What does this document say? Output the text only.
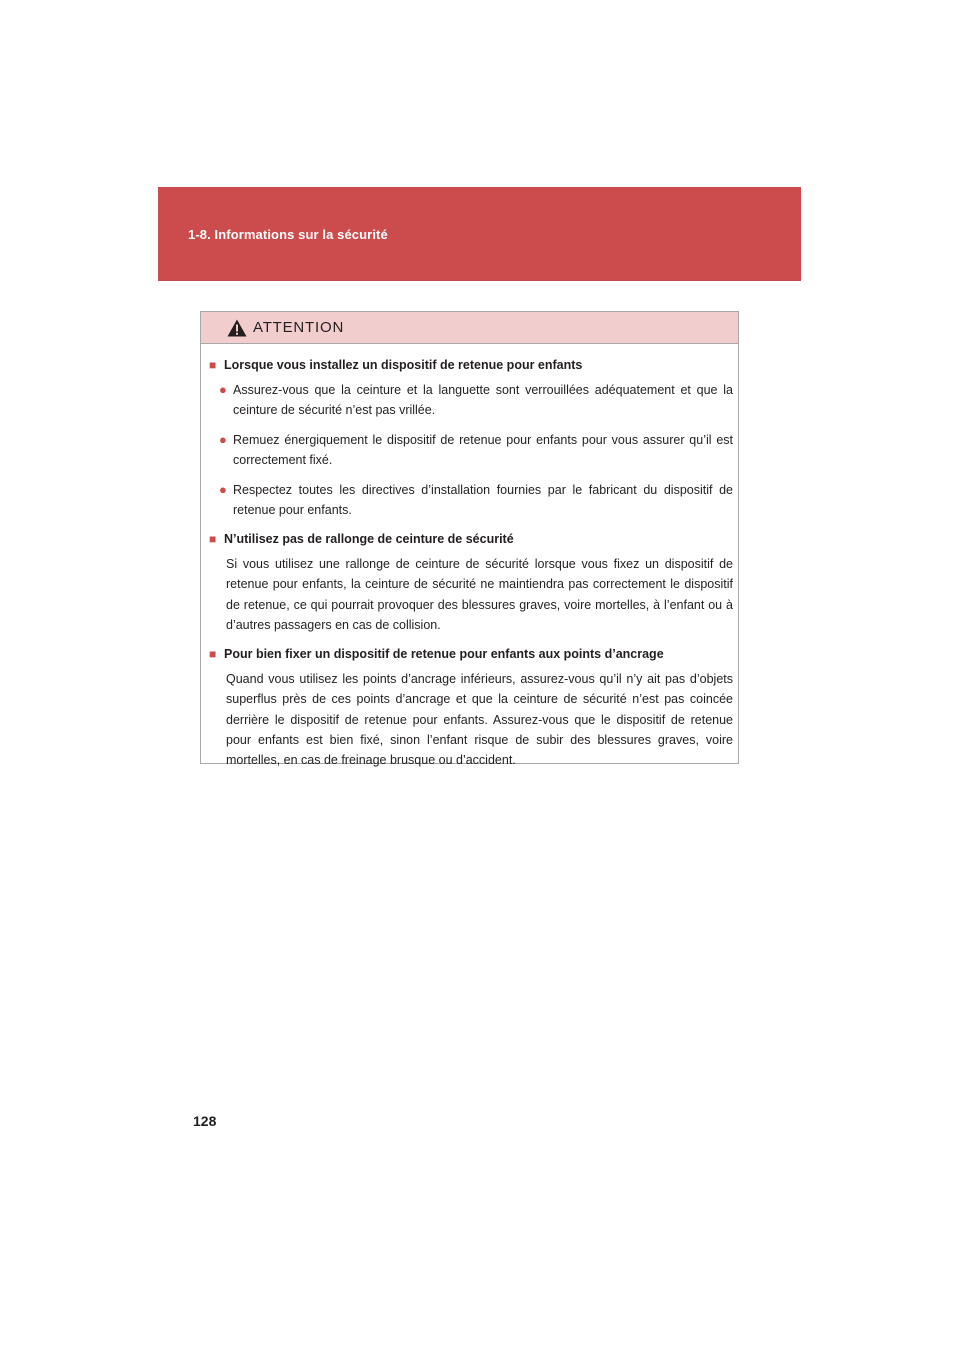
1-8. Informations sur la sécurité
ATTENTION
■ Lorsque vous installez un dispositif de retenue pour enfants
● Assurez-vous que la ceinture et la languette sont verrouillées adéquatement et que la ceinture de sécurité n’est pas vrillée.
● Remuez énergiquement le dispositif de retenue pour enfants pour vous assurer qu’il est correctement fixé.
● Respectez toutes les directives d’installation fournies par le fabricant du dispositif de retenue pour enfants.
■ N’utilisez pas de rallonge de ceinture de sécurité
Si vous utilisez une rallonge de ceinture de sécurité lorsque vous fixez un dispositif de retenue pour enfants, la ceinture de sécurité ne maintiendra pas correctement le dispositif de retenue, ce qui pourrait provoquer des blessures graves, voire mortelles, à l’enfant ou à d’autres passagers en cas de collision.
■ Pour bien fixer un dispositif de retenue pour enfants aux points d’ancrage
Quand vous utilisez les points d’ancrage inférieurs, assurez-vous qu’il n’y ait pas d’objets superflus près de ces points d’ancrage et que la ceinture de sécurité n’est pas coincée derrière le dispositif de retenue pour enfants. Assurez-vous que le dispositif de retenue pour enfants est bien fixé, sinon l’enfant risque de subir des blessures graves, voire mortelles, en cas de freinage brusque ou d’accident.
128
